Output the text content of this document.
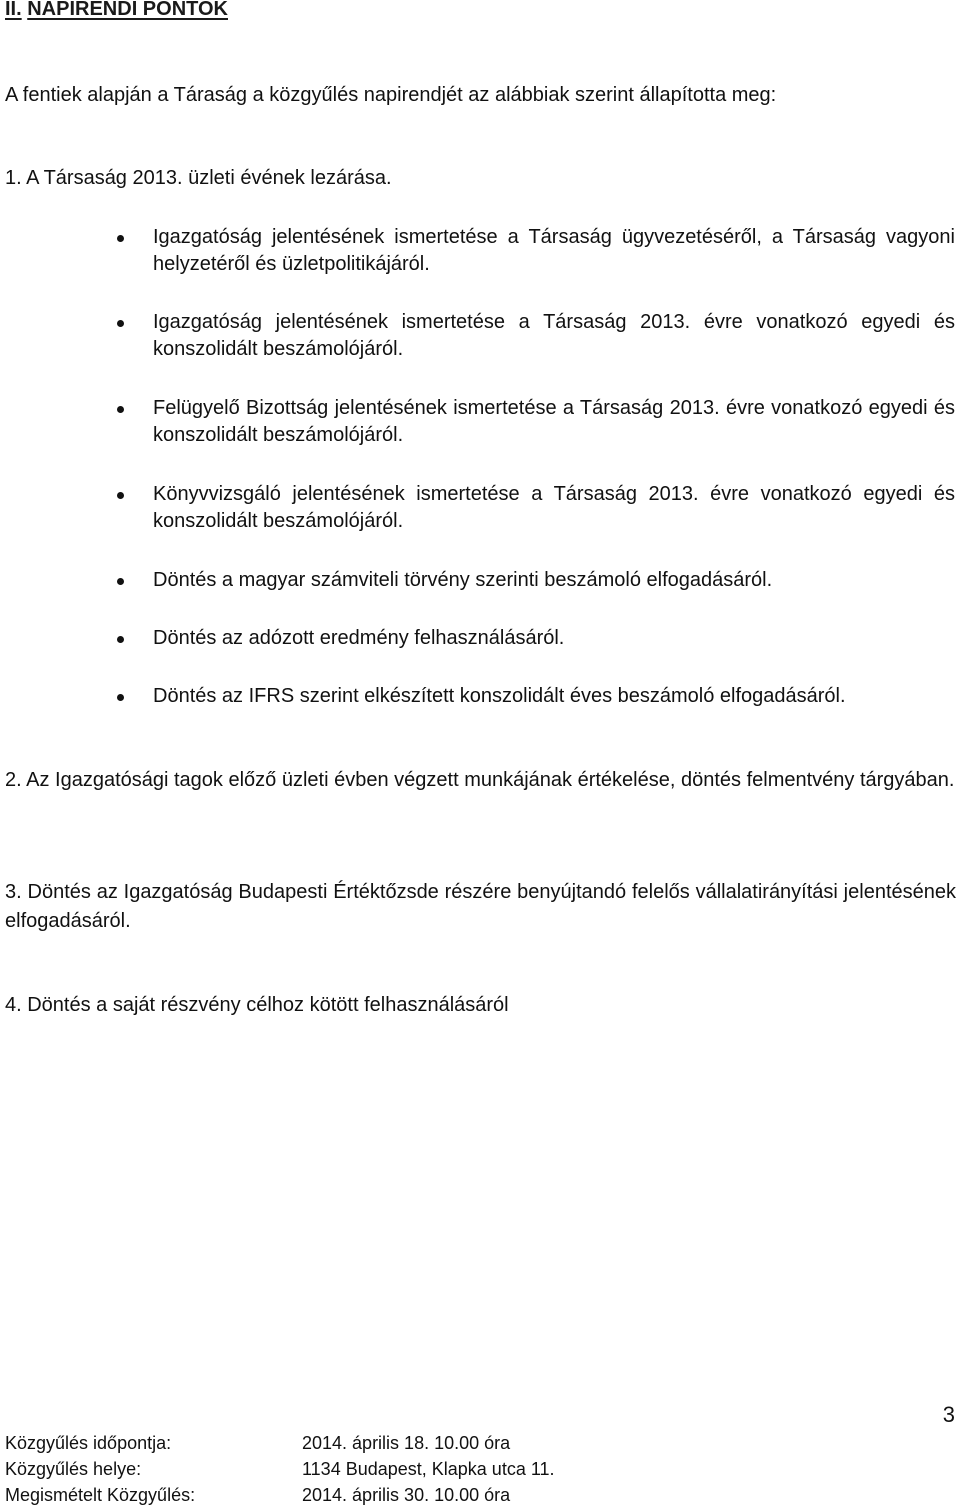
II. NAPIRENDI PONTOK
A fentiek alapján a Táraság a közgyűlés napirendjét az alábbiak szerint állapította meg:
1. A Társaság 2013. üzleti évének lezárása.
Igazgatóság jelentésének ismertetése a Társaság ügyvezetéséről, a Társaság vagyoni helyzetéről és üzletpolitikájáról.
Igazgatóság jelentésének ismertetése a Társaság 2013. évre vonatkozó egyedi és konszolidált beszámolójáról.
Felügyelő Bizottság jelentésének ismertetése a Társaság 2013. évre vonatkozó egyedi és konszolidált beszámolójáról.
Könyvvizsgáló jelentésének ismertetése a Társaság 2013. évre vonatkozó egyedi és konszolidált beszámolójáról.
Döntés a magyar számviteli törvény szerinti beszámoló elfogadásáról.
Döntés az adózott eredmény felhasználásáról.
Döntés az IFRS szerint elkészített konszolidált éves beszámoló elfogadásáról.
2. Az Igazgatósági tagok előző üzleti évben végzett munkájának értékelése, döntés felmentvény tárgyában.
3. Döntés az Igazgatóság Budapesti Értéktőzsde részére benyújtandó felelős vállalatirányítási jelentésének elfogadásáról.
4. Döntés a saját részvény célhoz kötött felhasználásáról
3
Közgyűlés időpontja:	2014. április 18. 10.00 óra
Közgyűlés helye:	1134 Budapest, Klapka utca 11.
Megismételt Közgyűlés:	2014. április 30. 10.00 óra
